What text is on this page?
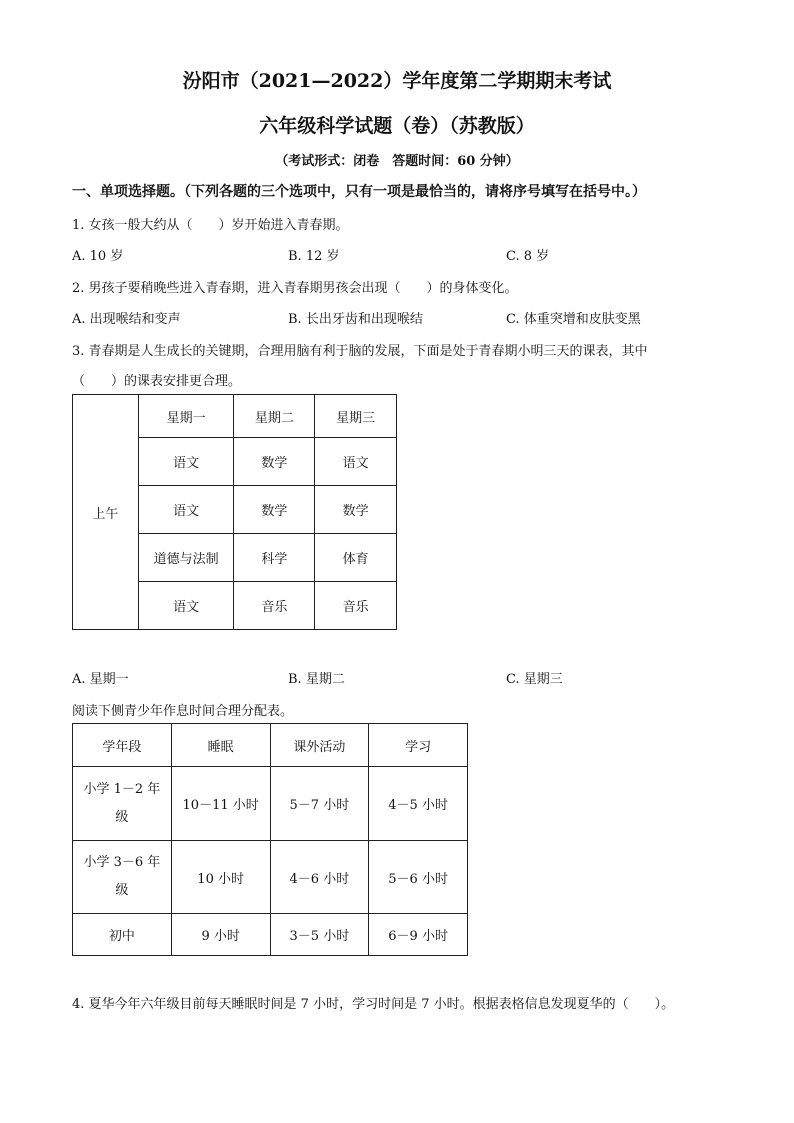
汾阳市（2021—2022）学年度第二学期期末考试
六年级科学试题（卷）（苏教版）
（考试形式：闭卷　答题时间：60 分钟）
一、单项选择题。（下列各题的三个选项中，只有一项是最恰当的，请将序号填写在括号中。）
1. 女孩一般大约从（　　）岁开始进入青春期。
A. 10 岁	B. 12 岁	C. 8 岁
2. 男孩子要稍晚些进入青春期，进入青春期男孩会出现（　　）的身体变化。
A. 出现喉结和变声	B. 长出牙齿和出现喉结	C. 体重突增和皮肤变黑
3. 青春期是人生成长的关键期，合理用脑有利于脑的发展，下面是处于青春期小明三天的课表，其中
（　　）的课表安排更合理。
上午	星期一	星期二	星期三
	语文	数学	语文
	语文	数学	数学
	道德与法制	科学	体育
	语文	音乐	音乐
A. 星期一	B. 星期二	C. 星期三
阅读下侧青少年作息时间合理分配表。
学年段	睡眠	课外活动	学习
小学 1－2 年级	10－11 小时	5－7 小时	4－5 小时
小学 3－6 年级	10 小时	4－6 小时	5－6 小时
初中	9 小时	3－5 小时	6－9 小时
4. 夏华今年六年级目前每天睡眠时间是 7 小时，学习时间是 7 小时。根据表格信息发现夏华的（　　）。
